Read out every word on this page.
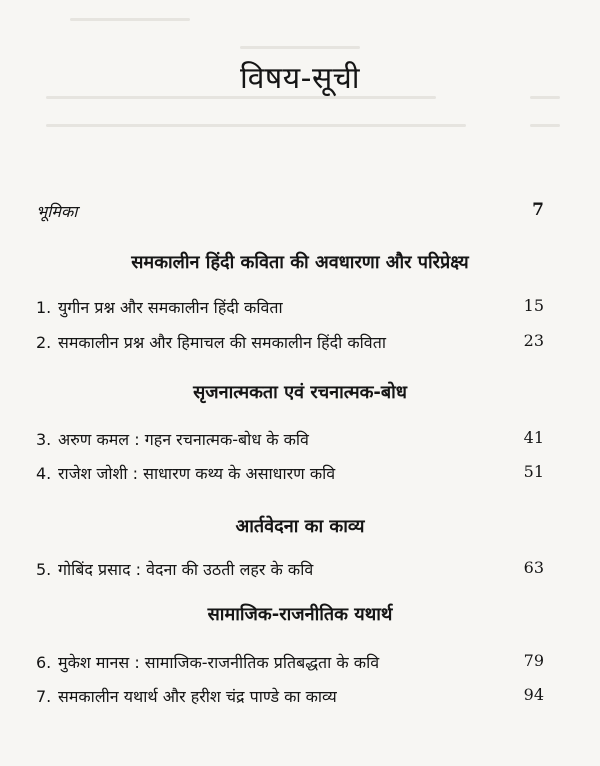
विषय-सूची
भूमिका	7
समकालीन हिंदी कविता की अवधारणा और परिप्रेक्ष्य
1. युगीन प्रश्न और समकालीन हिंदी कविता	15
2. समकालीन प्रश्न और हिमाचल की समकालीन हिंदी कविता	23
सृजनात्मकता एवं रचनात्मक-बोध
3. अरुण कमल : गहन रचनात्मक-बोध के कवि	41
4. राजेश जोशी : साधारण कथ्य के असाधारण कवि	51
आर्तवेदना का काव्य
5. गोबिंद प्रसाद : वेदना की उठती लहर के कवि	63
सामाजिक-राजनीतिक यथार्थ
6. मुकेश मानस : सामाजिक-राजनीतिक प्रतिबद्धता के कवि	79
7. समकालीन यथार्थ और हरीश चंद्र पाण्डे का काव्य	94
